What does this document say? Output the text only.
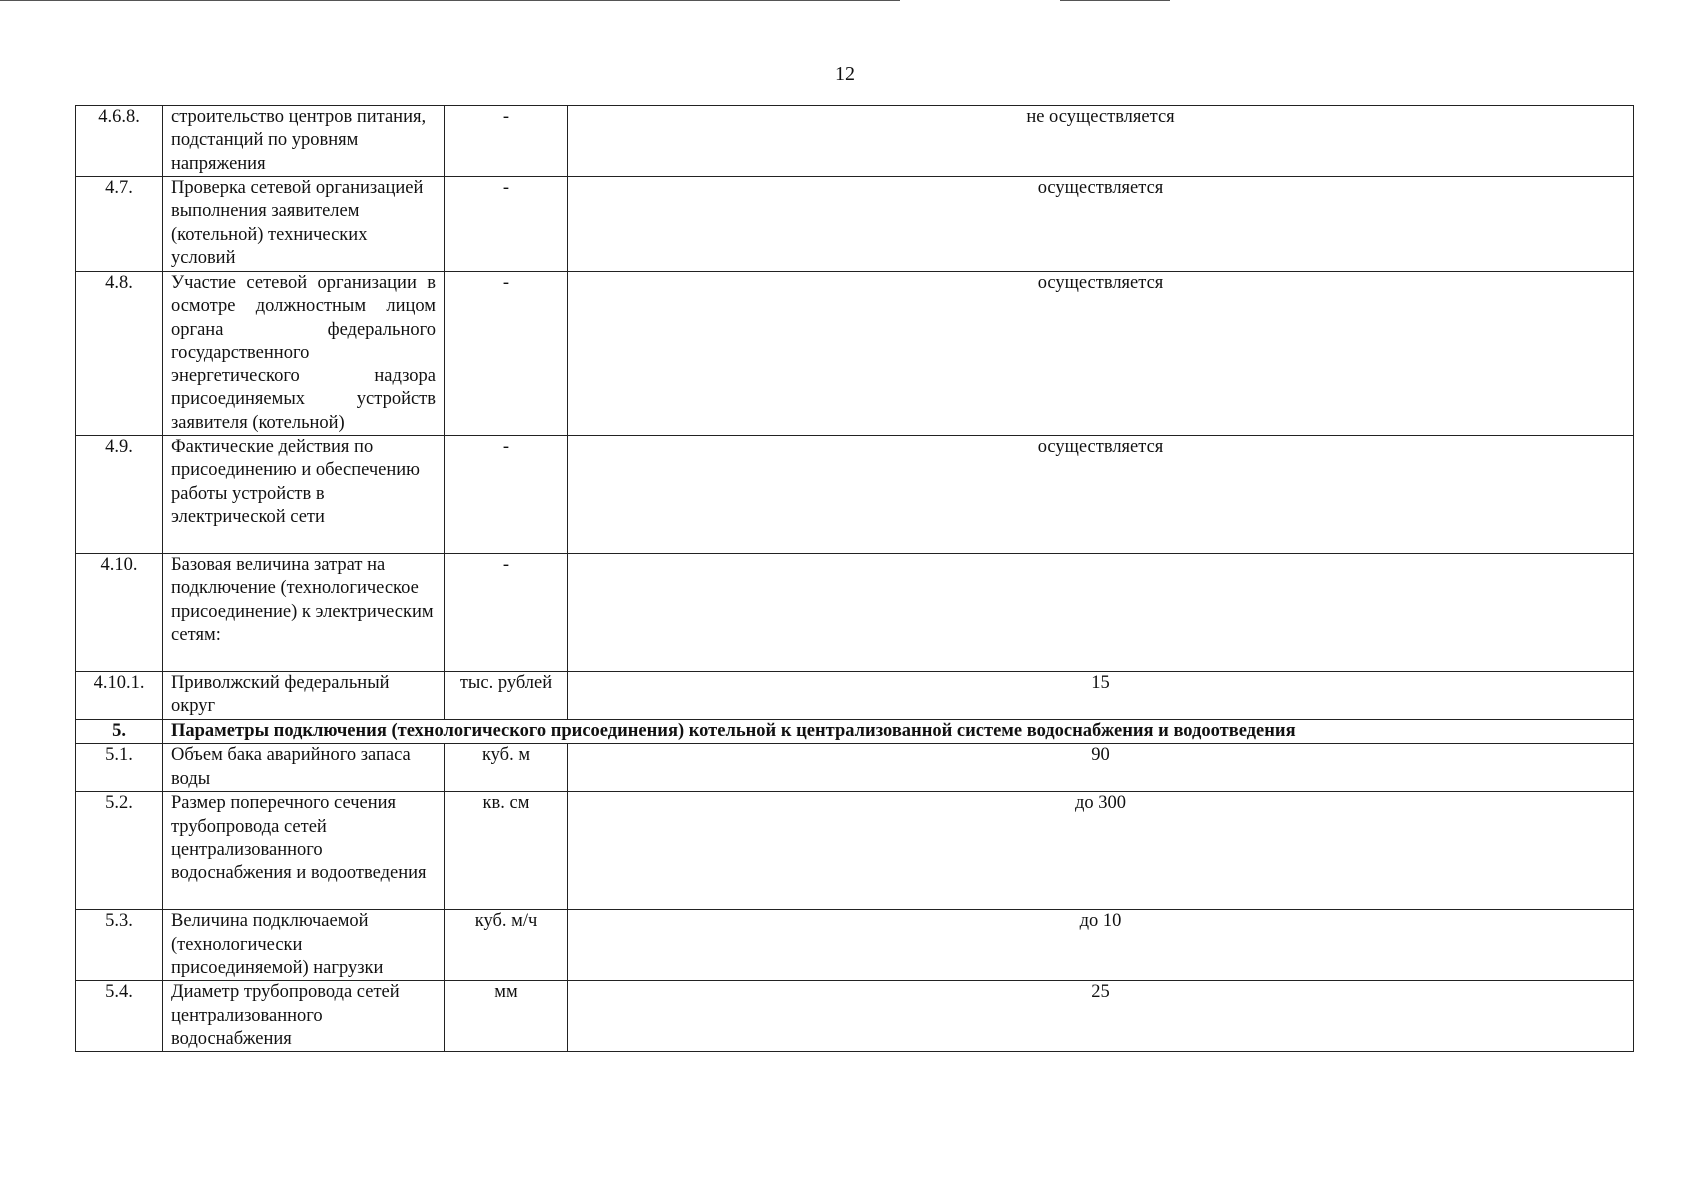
12
4.6.8.	строительство центров питания, подстанций по уровням напряжения	-	не осуществляется
4.7.	Проверка сетевой организацией выполнения заявителем (котельной) технических условий	-	осуществляется
4.8.	Участие сетевой организации в осмотре должностным лицом органа федерального государственного энергетического надзора присоединяемых устройств заявителя (котельной)	-	осуществляется
4.9.	Фактические действия по присоединению и обеспечению работы устройств в электрической сети	-	осуществляется
4.10.	Базовая величина затрат на подключение (технологическое присоединение) к электрическим сетям:	-	
4.10.1.	Приволжский федеральный округ	тыс. рублей	15
5.	Параметры подключения (технологического присоединения) котельной к централизованной системе водоснабжения и водоотведения		
5.1.	Объем бака аварийного запаса воды	куб. м	90
5.2.	Размер поперечного сечения трубопровода сетей централизованного водоснабжения и водоотведения	кв. см	до 300
5.3.	Величина подключаемой (технологически присоединяемой) нагрузки	куб. м/ч	до 10
5.4.	Диаметр трубопровода сетей централизованного водоснабжения	мм	25
